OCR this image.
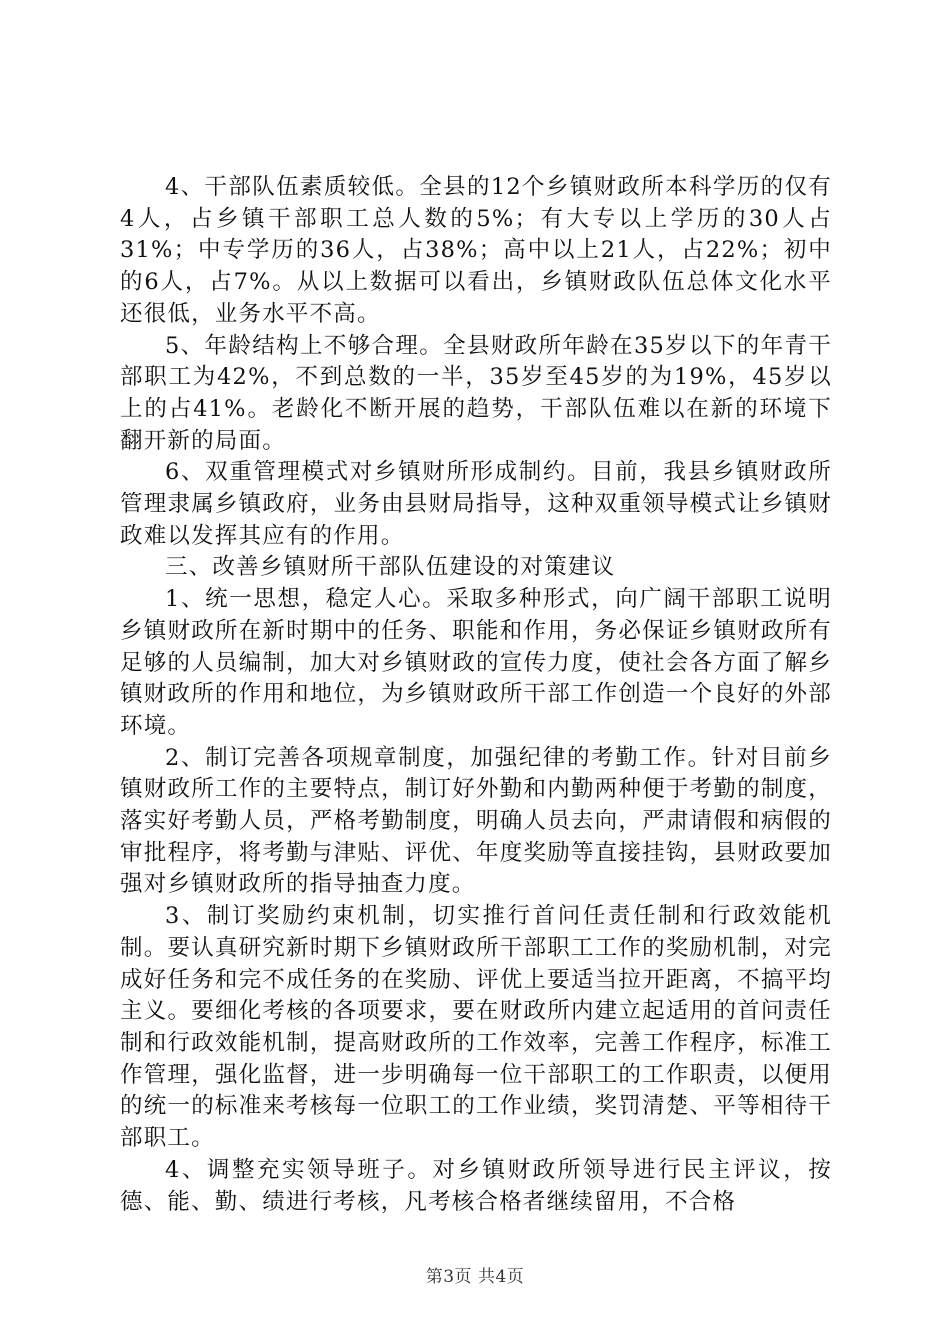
4、干部队伍素质较低。全县的12个乡镇财政所本科学历的仅有4人，占乡镇干部职工总人数的5%；有大专以上学历的30人占31%；中专学历的36人，占38%；高中以上21人，占22%；初中的6人，占7%。从以上数据可以看出，乡镇财政队伍总体文化水平还很低，业务水平不高。

5、年龄结构上不够合理。全县财政所年龄在35岁以下的年青干部职工为42%，不到总数的一半，35岁至45岁的为19%，45岁以上的占41%。老龄化不断开展的趋势，干部队伍难以在新的环境下翻开新的局面。

6、双重管理模式对乡镇财所形成制约。目前，我县乡镇财政所管理隶属乡镇政府，业务由县财局指导，这种双重领导模式让乡镇财政难以发挥其应有的作用。

三、改善乡镇财所干部队伍建设的对策建议

1、统一思想，稳定人心。采取多种形式，向广阔干部职工说明乡镇财政所在新时期中的任务、职能和作用，务必保证乡镇财政所有足够的人员编制，加大对乡镇财政的宣传力度，使社会各方面了解乡镇财政所的作用和地位，为乡镇财政所干部工作创造一个良好的外部环境。

2、制订完善各项规章制度，加强纪律的考勤工作。针对目前乡镇财政所工作的主要特点，制订好外勤和内勤两种便于考勤的制度，落实好考勤人员，严格考勤制度，明确人员去向，严肃请假和病假的审批程序，将考勤与津贴、评优、年度奖励等直接挂钩，县财政要加强对乡镇财政所的指导抽查力度。

3、制订奖励约束机制，切实推行首问任责任制和行政效能机制。要认真研究新时期下乡镇财政所干部职工工作的奖励机制，对完成好任务和完不成任务的在奖励、评优上要适当拉开距离，不搞平均主义。要细化考核的各项要求，要在财政所内建立起适用的首问责任制和行政效能机制，提高财政所的工作效率，完善工作程序，标准工作管理，强化监督，进一步明确每一位干部职工的工作职责，以便用的统一的标准来考核每一位职工的工作业绩，奖罚清楚、平等相待干部职工。

4、调整充实领导班子。对乡镇财政所领导进行民主评议，按德、能、勤、绩进行考核，凡考核合格者继续留用，不合格

第3页 共4页
